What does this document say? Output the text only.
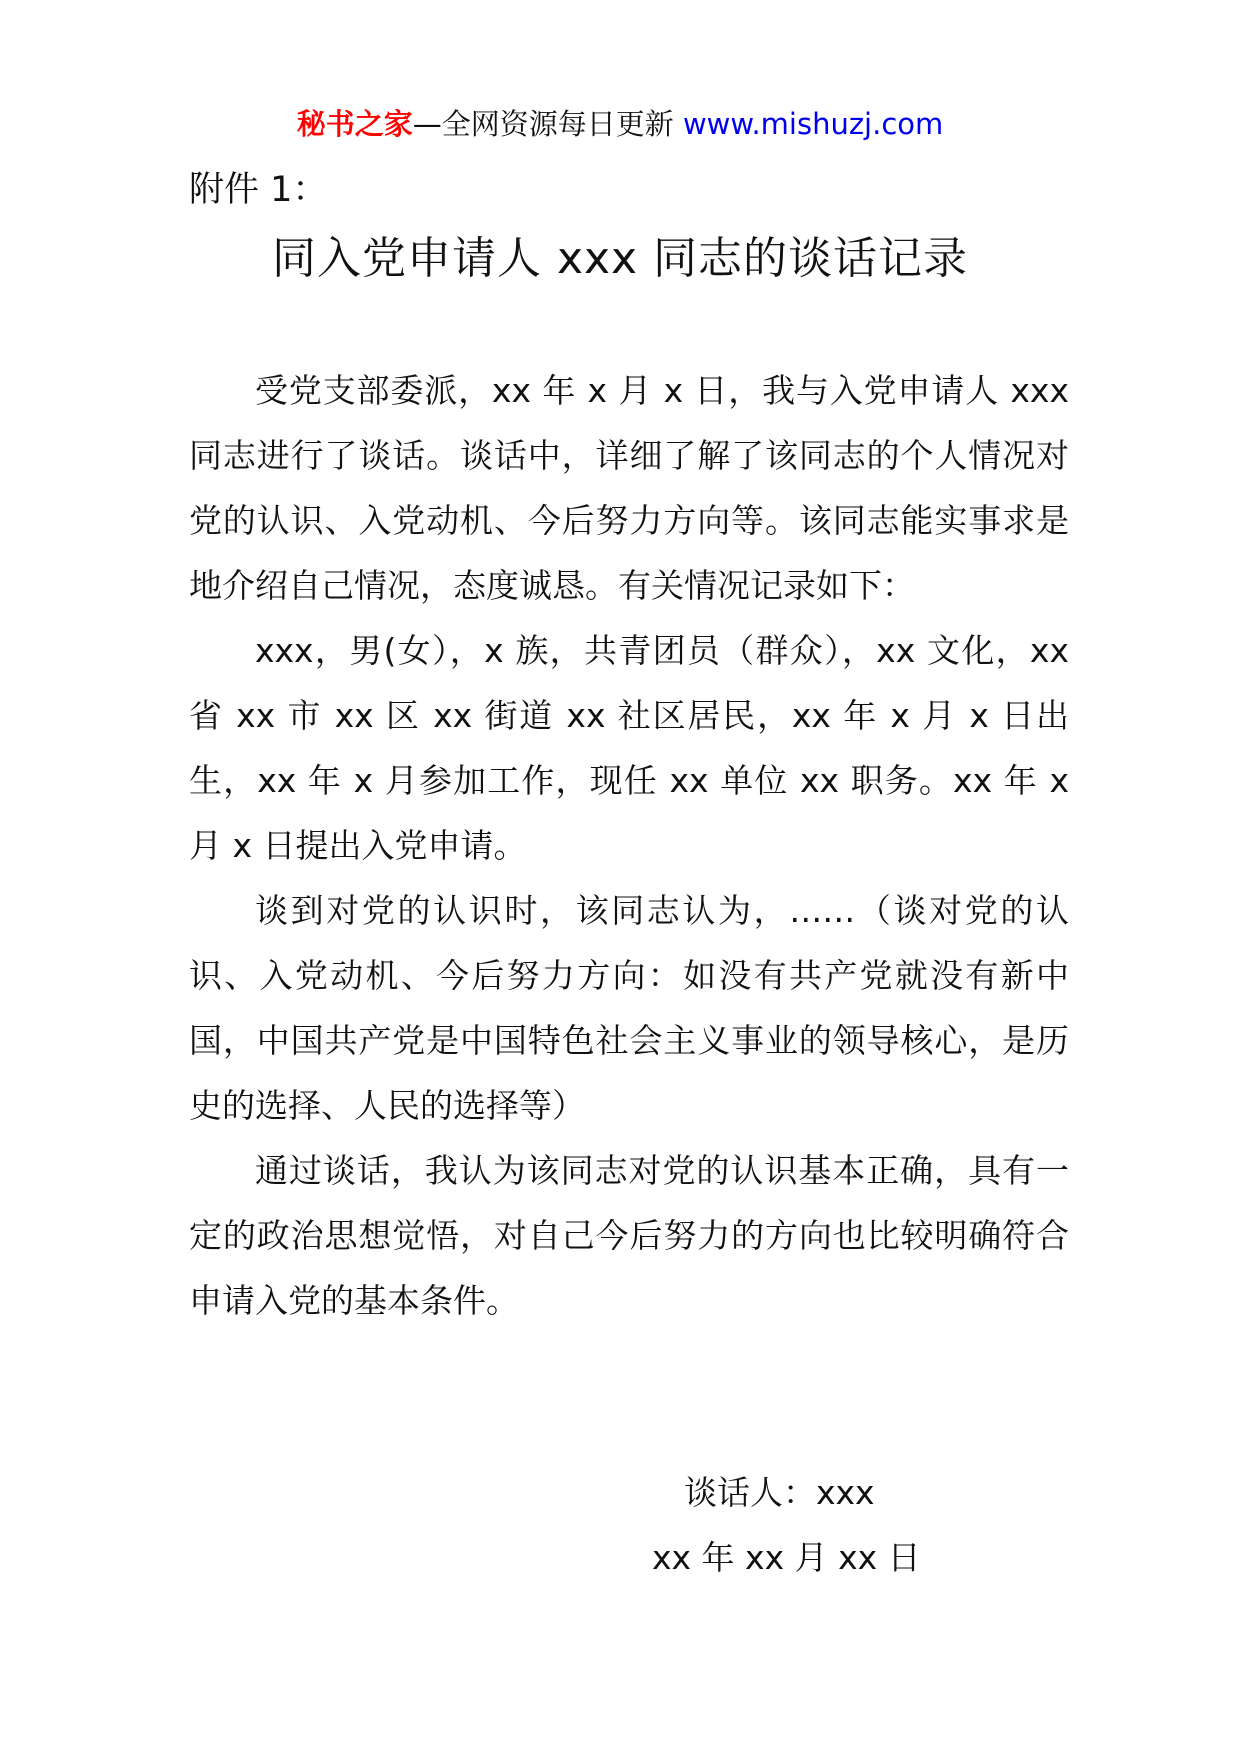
秘书之家—全网资源每日更新 www.mishuzj.com
附件 1：
同入党申请人 xxx 同志的谈话记录

受党支部委派，xx 年 x 月 x 日，我与入党申请人 xxx 同志进行了谈话。谈话中，详细了解了该同志的个人情况对党的认识、入党动机、今后努力方向等。该同志能实事求是地介绍自己情况，态度诚恳。有关情况记录如下：

xxx，男(女），x 族，共青团员（群众），xx 文化，xx 省 xx 市 xx 区 xx 街道 xx 社区居民，xx 年 x 月 x 日出生，xx 年 x 月参加工作，现任 xx 单位 xx 职务。xx 年 x 月 x 日提出入党申请。

谈到对党的认识时，该同志认为，……（谈对党的认识、入党动机、今后努力方向：如没有共产党就没有新中国，中国共产党是中国特色社会主义事业的领导核心，是历史的选择、人民的选择等）

通过谈话，我认为该同志对党的认识基本正确，具有一定的政治思想觉悟，对自己今后努力的方向也比较明确符合申请入党的基本条件。

谈话人：xxx
xx 年 xx 月 xx 日
